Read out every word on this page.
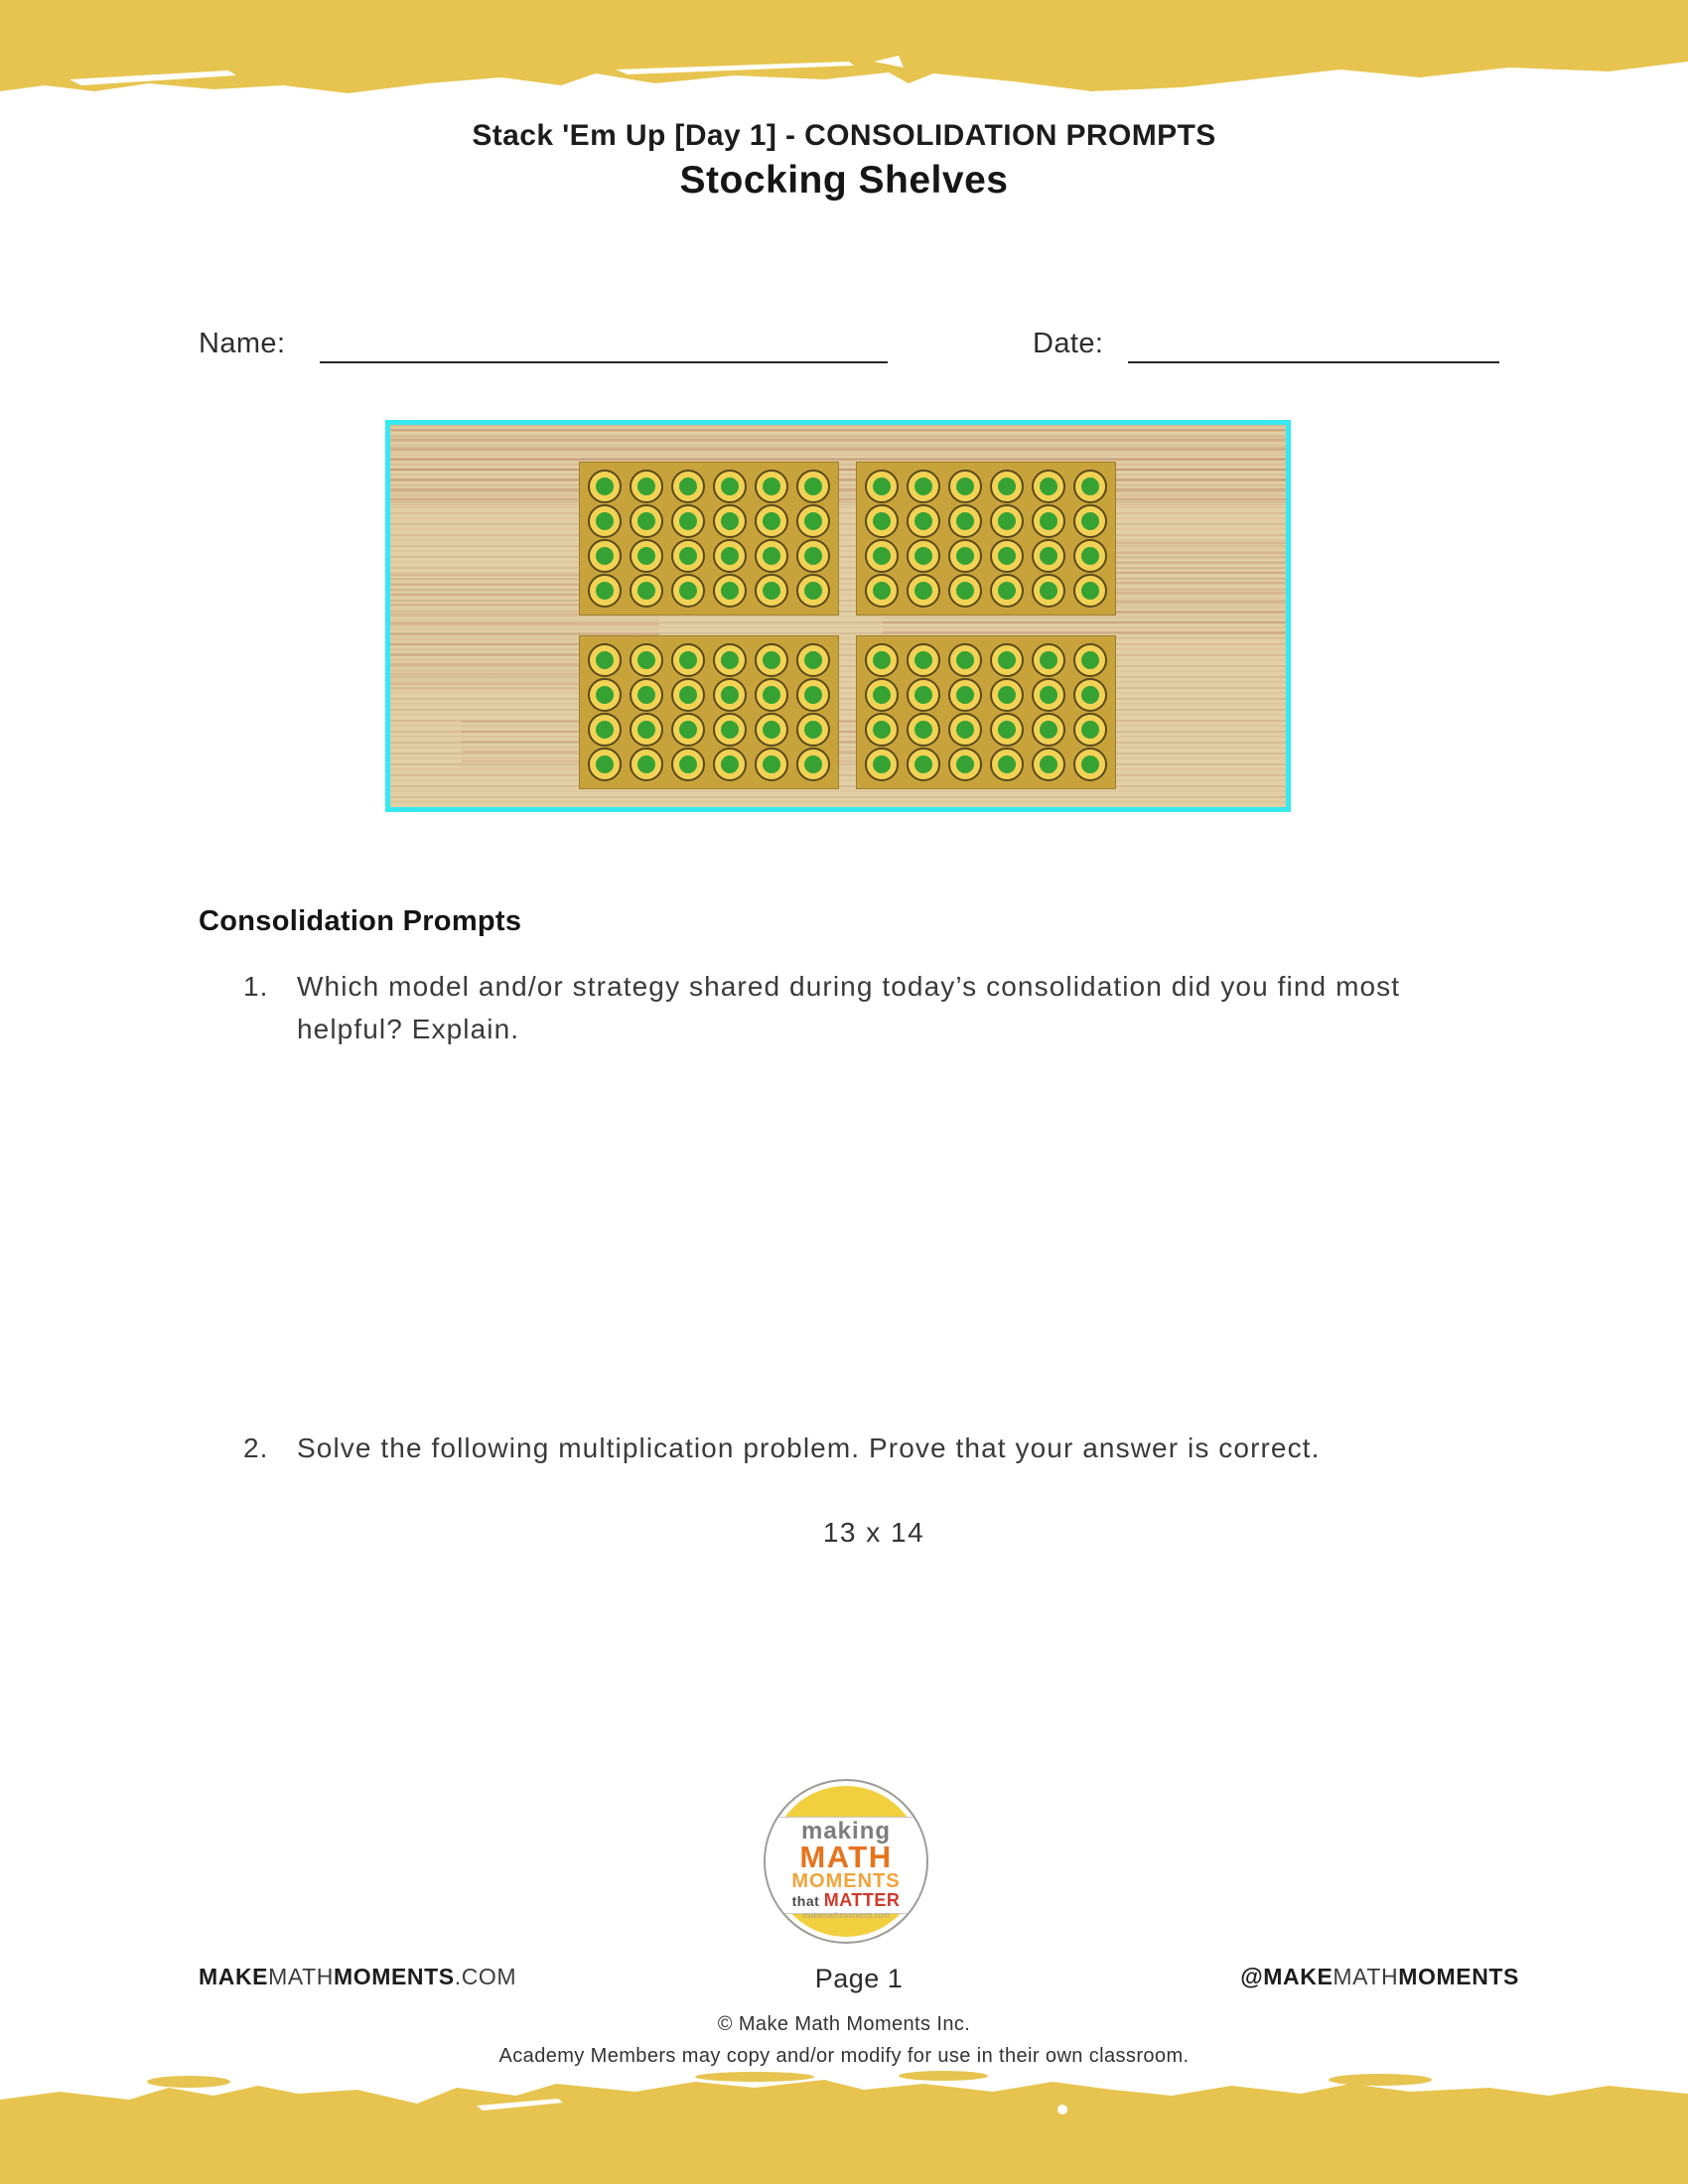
Stack 'Em Up [Day 1] - CONSOLIDATION PROMPTS
Stocking Shelves
Name:	Date:
Consolidation Prompts
1.	Which model and/or strategy shared during today’s consolidation did you find most helpful? Explain.
2.	Solve the following multiplication problem. Prove that your answer is correct.
13 x 14
making
MATH
MOMENTS
that MATTER
makemathmoments.com
MAKEMATHMOMENTS.COM	Page 1	@MAKEMATHMOMENTS
© Make Math Moments Inc.
Academy Members may copy and/or modify for use in their own classroom.
